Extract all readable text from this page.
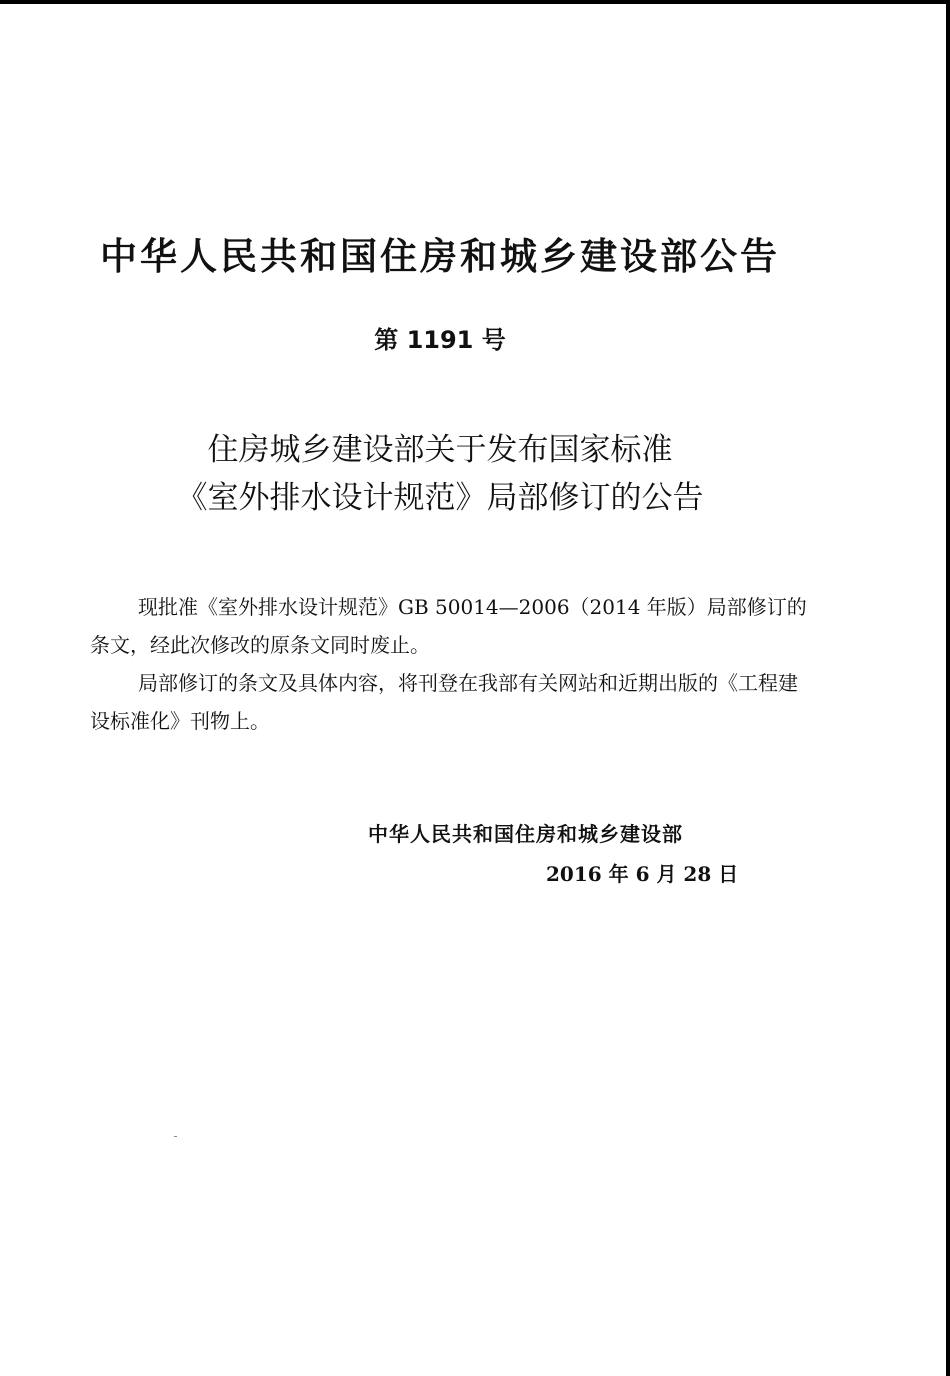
中华人民共和国住房和城乡建设部公告
第 1191 号
住房城乡建设部关于发布国家标准
《室外排水设计规范》局部修订的公告

现批准《室外排水设计规范》GB 50014—2006（2014 年版）局部修订的条文，经此次修改的原条文同时废止。

局部修订的条文及具体内容，将刊登在我部有关网站和近期出版的《工程建设标准化》刊物上。

中华人民共和国住房和城乡建设部
2016 年 6 月 28 日
